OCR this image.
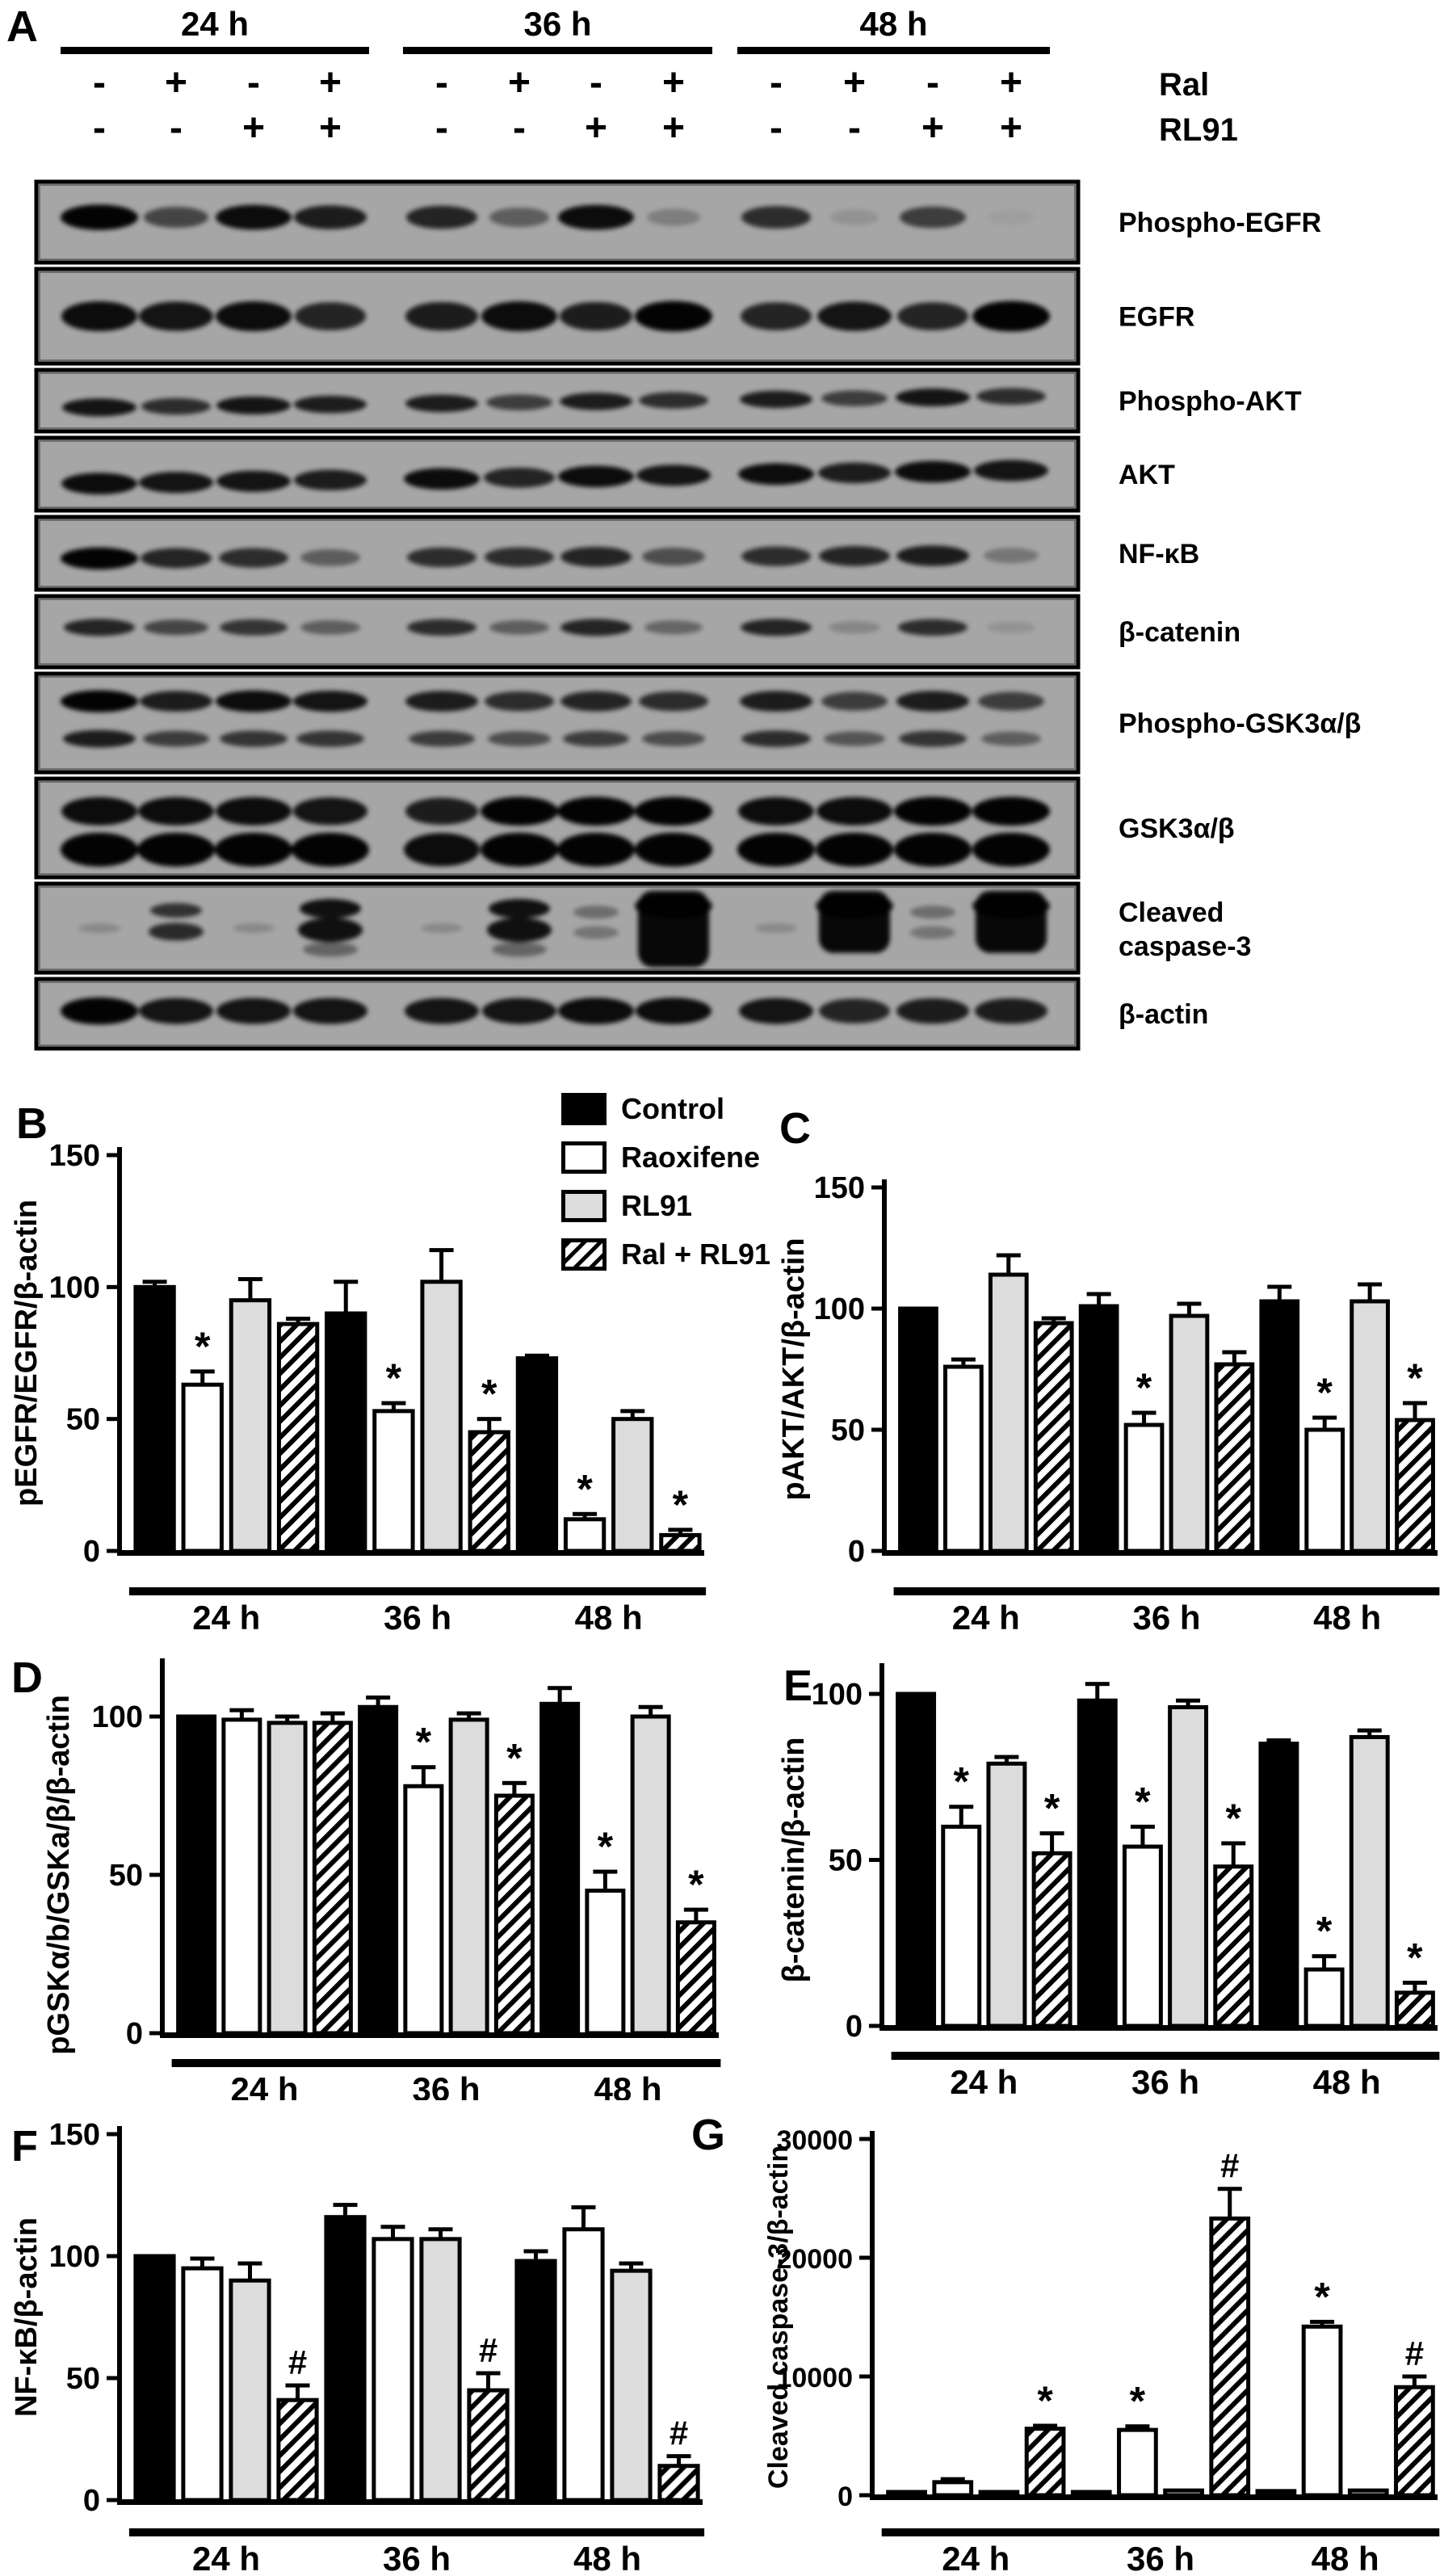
A
B	C
D	E
F	G
24 h	36 h	48 h
- + - + - + - + - + - +	Ral
- - + + - - + + - - + +	RL91
Phospho-EGFR
EGFR
Phospho-AKT
AKT
NF-κB
β-catenin
Phospho-GSK3α/β
GSK3α/β
Cleaved
caspase-3
β-actin
Control
Raoxifene
RL91
Ral + RL91
0
50
100
150
pEGFR/EGFR/β-actin	*
24 h
* *
36 h
* *
48 h
0
50
100
150
pAKT/AKT/β-actin
24 h
*
36 h
* *
48 h
0
50
100
pGSKα/b/GSKa/β/β-actin
24 h
* *
36 h
*
*
48 h
0
50
100
β-catenin/β-actin	*
*
24 h
* *
36 h
*
*
48 h
0
50
100
150
NF-κB/β-actin	#
24 h
#
36 h
#
48 h
0
10000
20000
30000
Cleaved caspase-3/β-actin	*
24 h
*
#
36 h
*
#
48 h
